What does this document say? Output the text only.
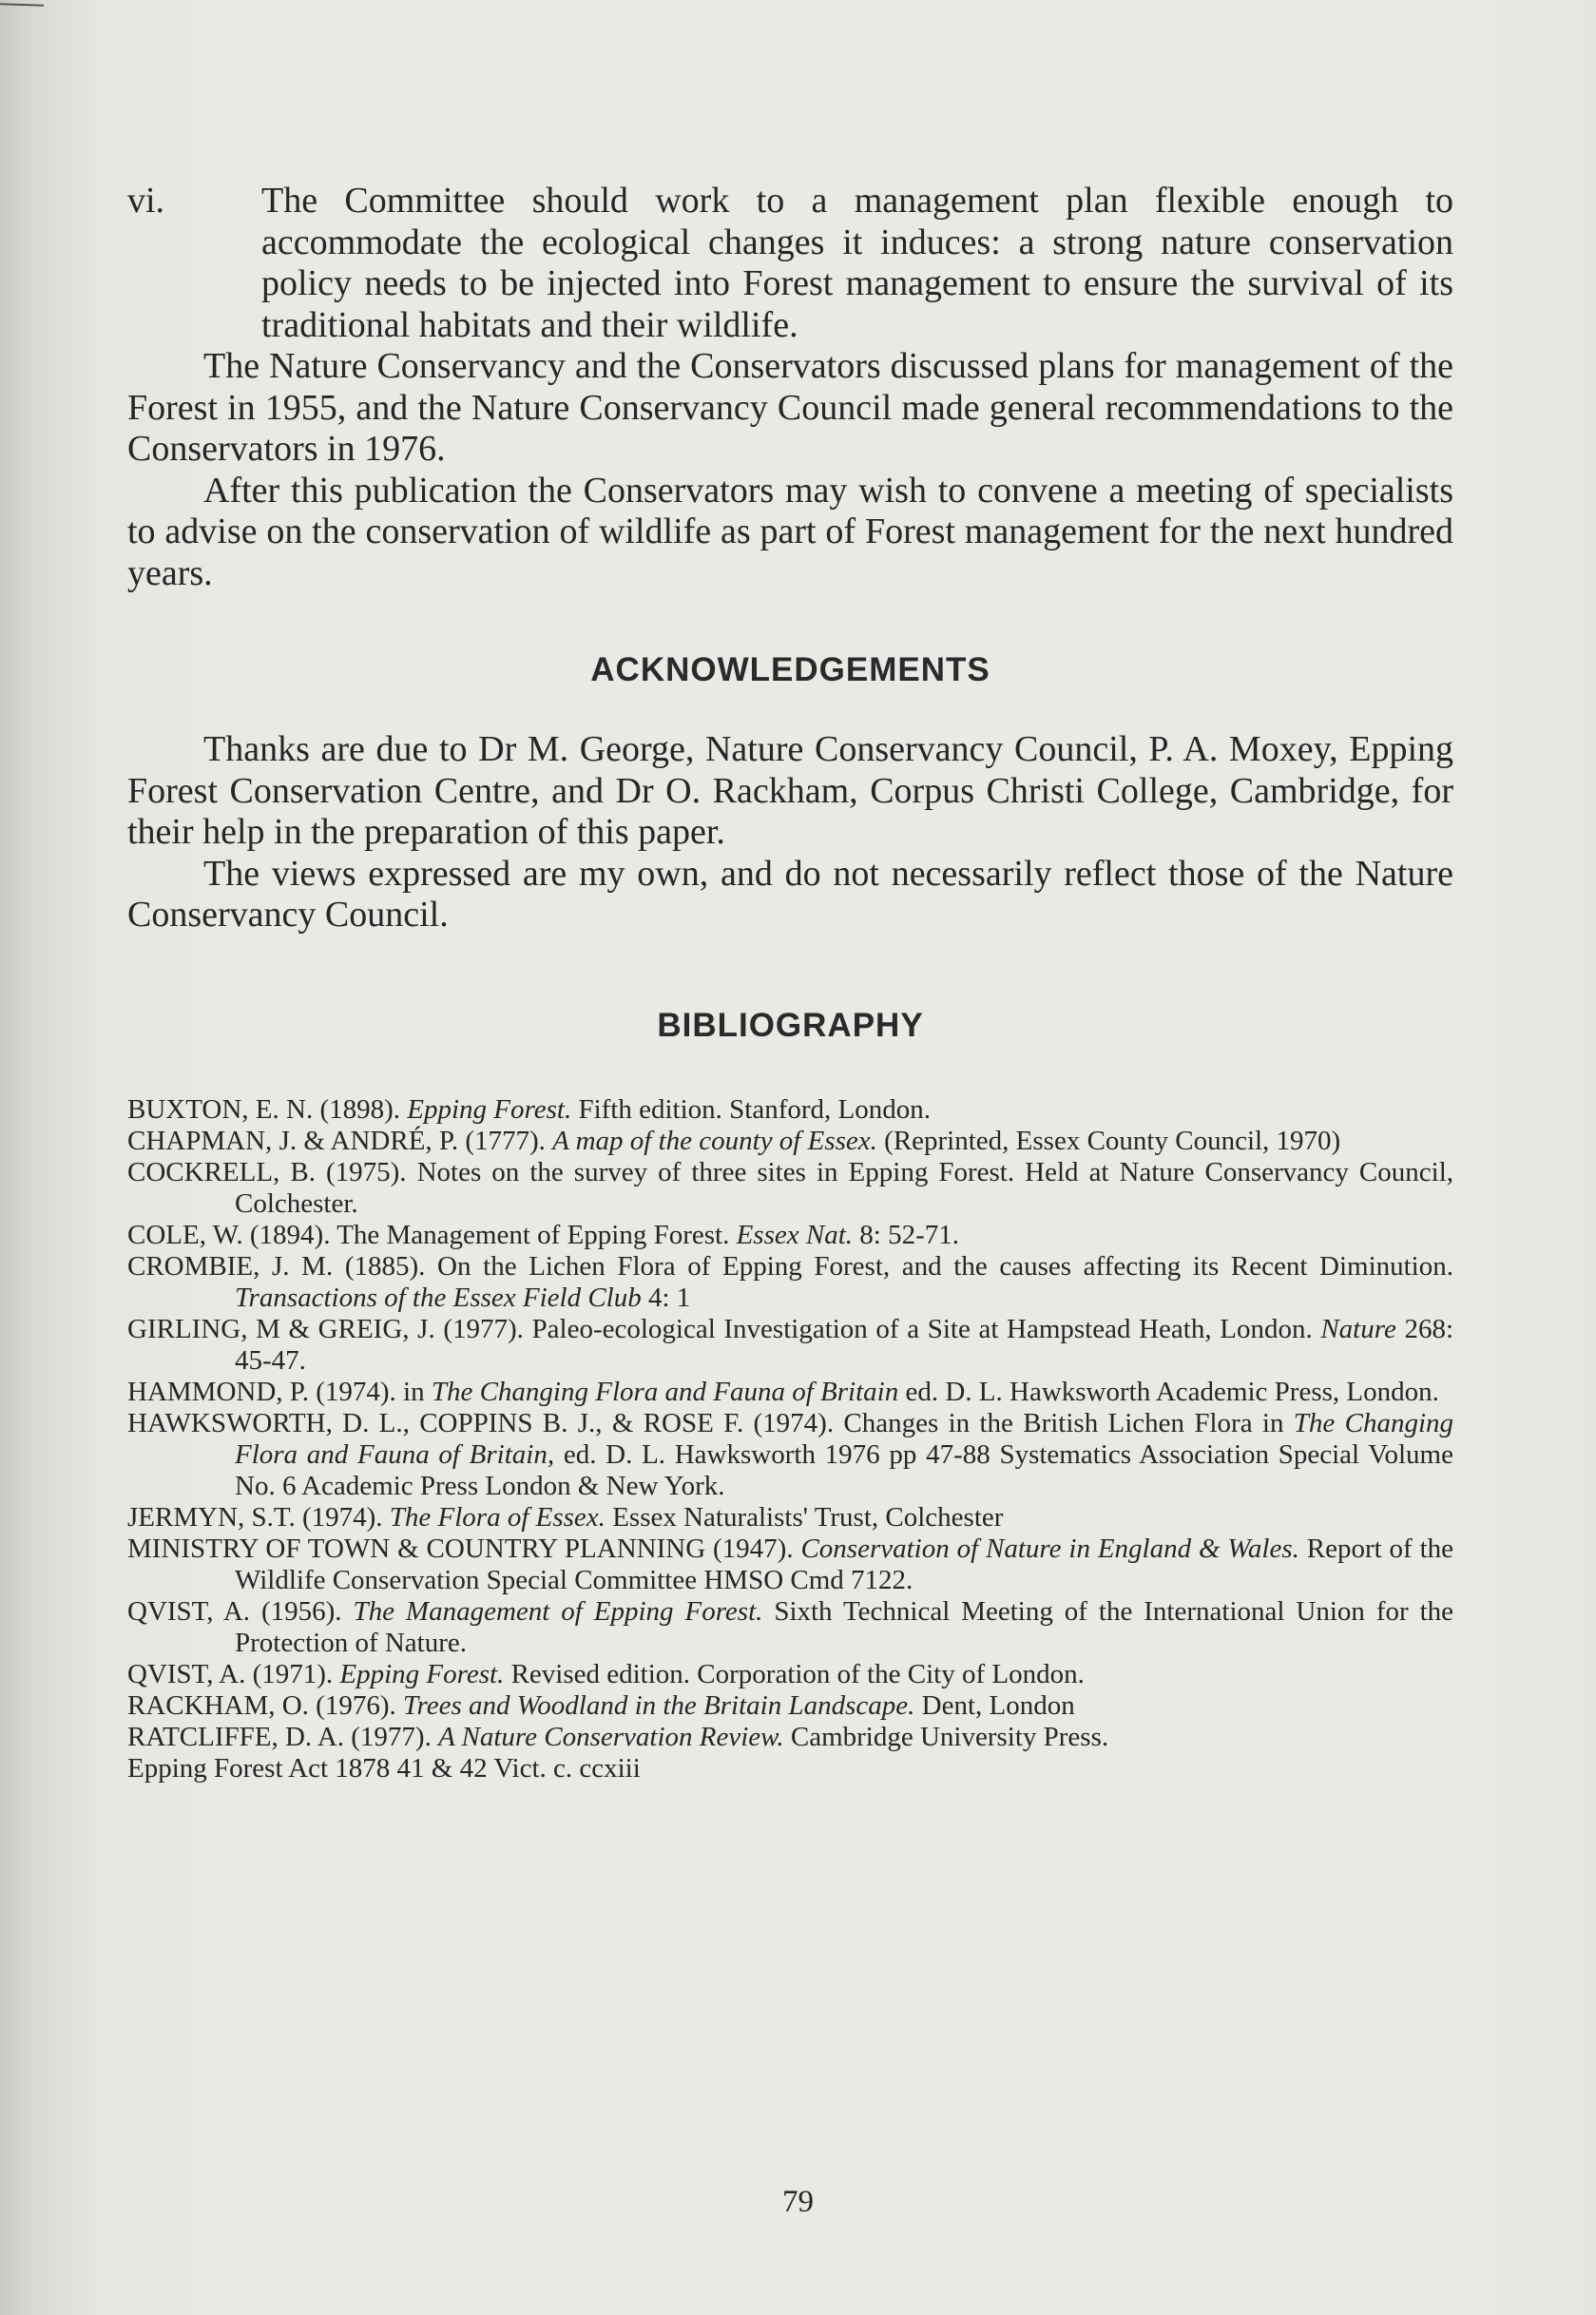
vi.	The Committee should work to a management plan flexible enough to accommodate the ecological changes it induces: a strong nature conservation policy needs to be injected into Forest management to ensure the survival of its traditional habitats and their wildlife.

The Nature Conservancy and the Conservators discussed plans for management of the Forest in 1955, and the Nature Conservancy Council made general recommendations to the Conservators in 1976.

After this publication the Conservators may wish to convene a meeting of specialists to advise on the conservation of wildlife as part of Forest management for the next hundred years.

ACKNOWLEDGEMENTS

Thanks are due to Dr M. George, Nature Conservancy Council, P. A. Moxey, Epping Forest Conservation Centre, and Dr O. Rackham, Corpus Christi College, Cambridge, for their help in the preparation of this paper.

The views expressed are my own, and do not necessarily reflect those of the Nature Conservancy Council.

BIBLIOGRAPHY
BUXTON, E. N. (1898). Epping Forest. Fifth edition. Stanford, London.
CHAPMAN, J. & ANDRÉ, P. (1777). A map of the county of Essex. (Reprinted, Essex County Council, 1970)
COCKRELL, B. (1975). Notes on the survey of three sites in Epping Forest. Held at Nature Conservancy Council, Colchester.
COLE, W. (1894). The Management of Epping Forest. Essex Nat. 8: 52-71.
CROMBIE, J. M. (1885). On the Lichen Flora of Epping Forest, and the causes affecting its Recent Diminution. Transactions of the Essex Field Club 4: 1
GIRLING, M & GREIG, J. (1977). Paleo-ecological Investigation of a Site at Hampstead Heath, London. Nature 268: 45-47.
HAMMOND, P. (1974). in The Changing Flora and Fauna of Britain ed. D. L. Hawksworth Academic Press, London.
HAWKSWORTH, D. L., COPPINS B. J., & ROSE F. (1974). Changes in the British Lichen Flora in The Changing Flora and Fauna of Britain, ed. D. L. Hawksworth 1976 pp 47-88 Systematics Association Special Volume No. 6 Academic Press London & New York.
JERMYN, S.T. (1974). The Flora of Essex. Essex Naturalists' Trust, Colchester
MINISTRY OF TOWN & COUNTRY PLANNING (1947). Conservation of Nature in England & Wales. Report of the Wildlife Conservation Special Committee HMSO Cmd 7122.
QVIST, A. (1956). The Management of Epping Forest. Sixth Technical Meeting of the International Union for the Protection of Nature.
QVIST, A. (1971). Epping Forest. Revised edition. Corporation of the City of London.
RACKHAM, O. (1976). Trees and Woodland in the Britain Landscape. Dent, London
RATCLIFFE, D. A. (1977). A Nature Conservation Review. Cambridge University Press.
Epping Forest Act 1878 41 & 42 Vict. c. ccxiii
79
